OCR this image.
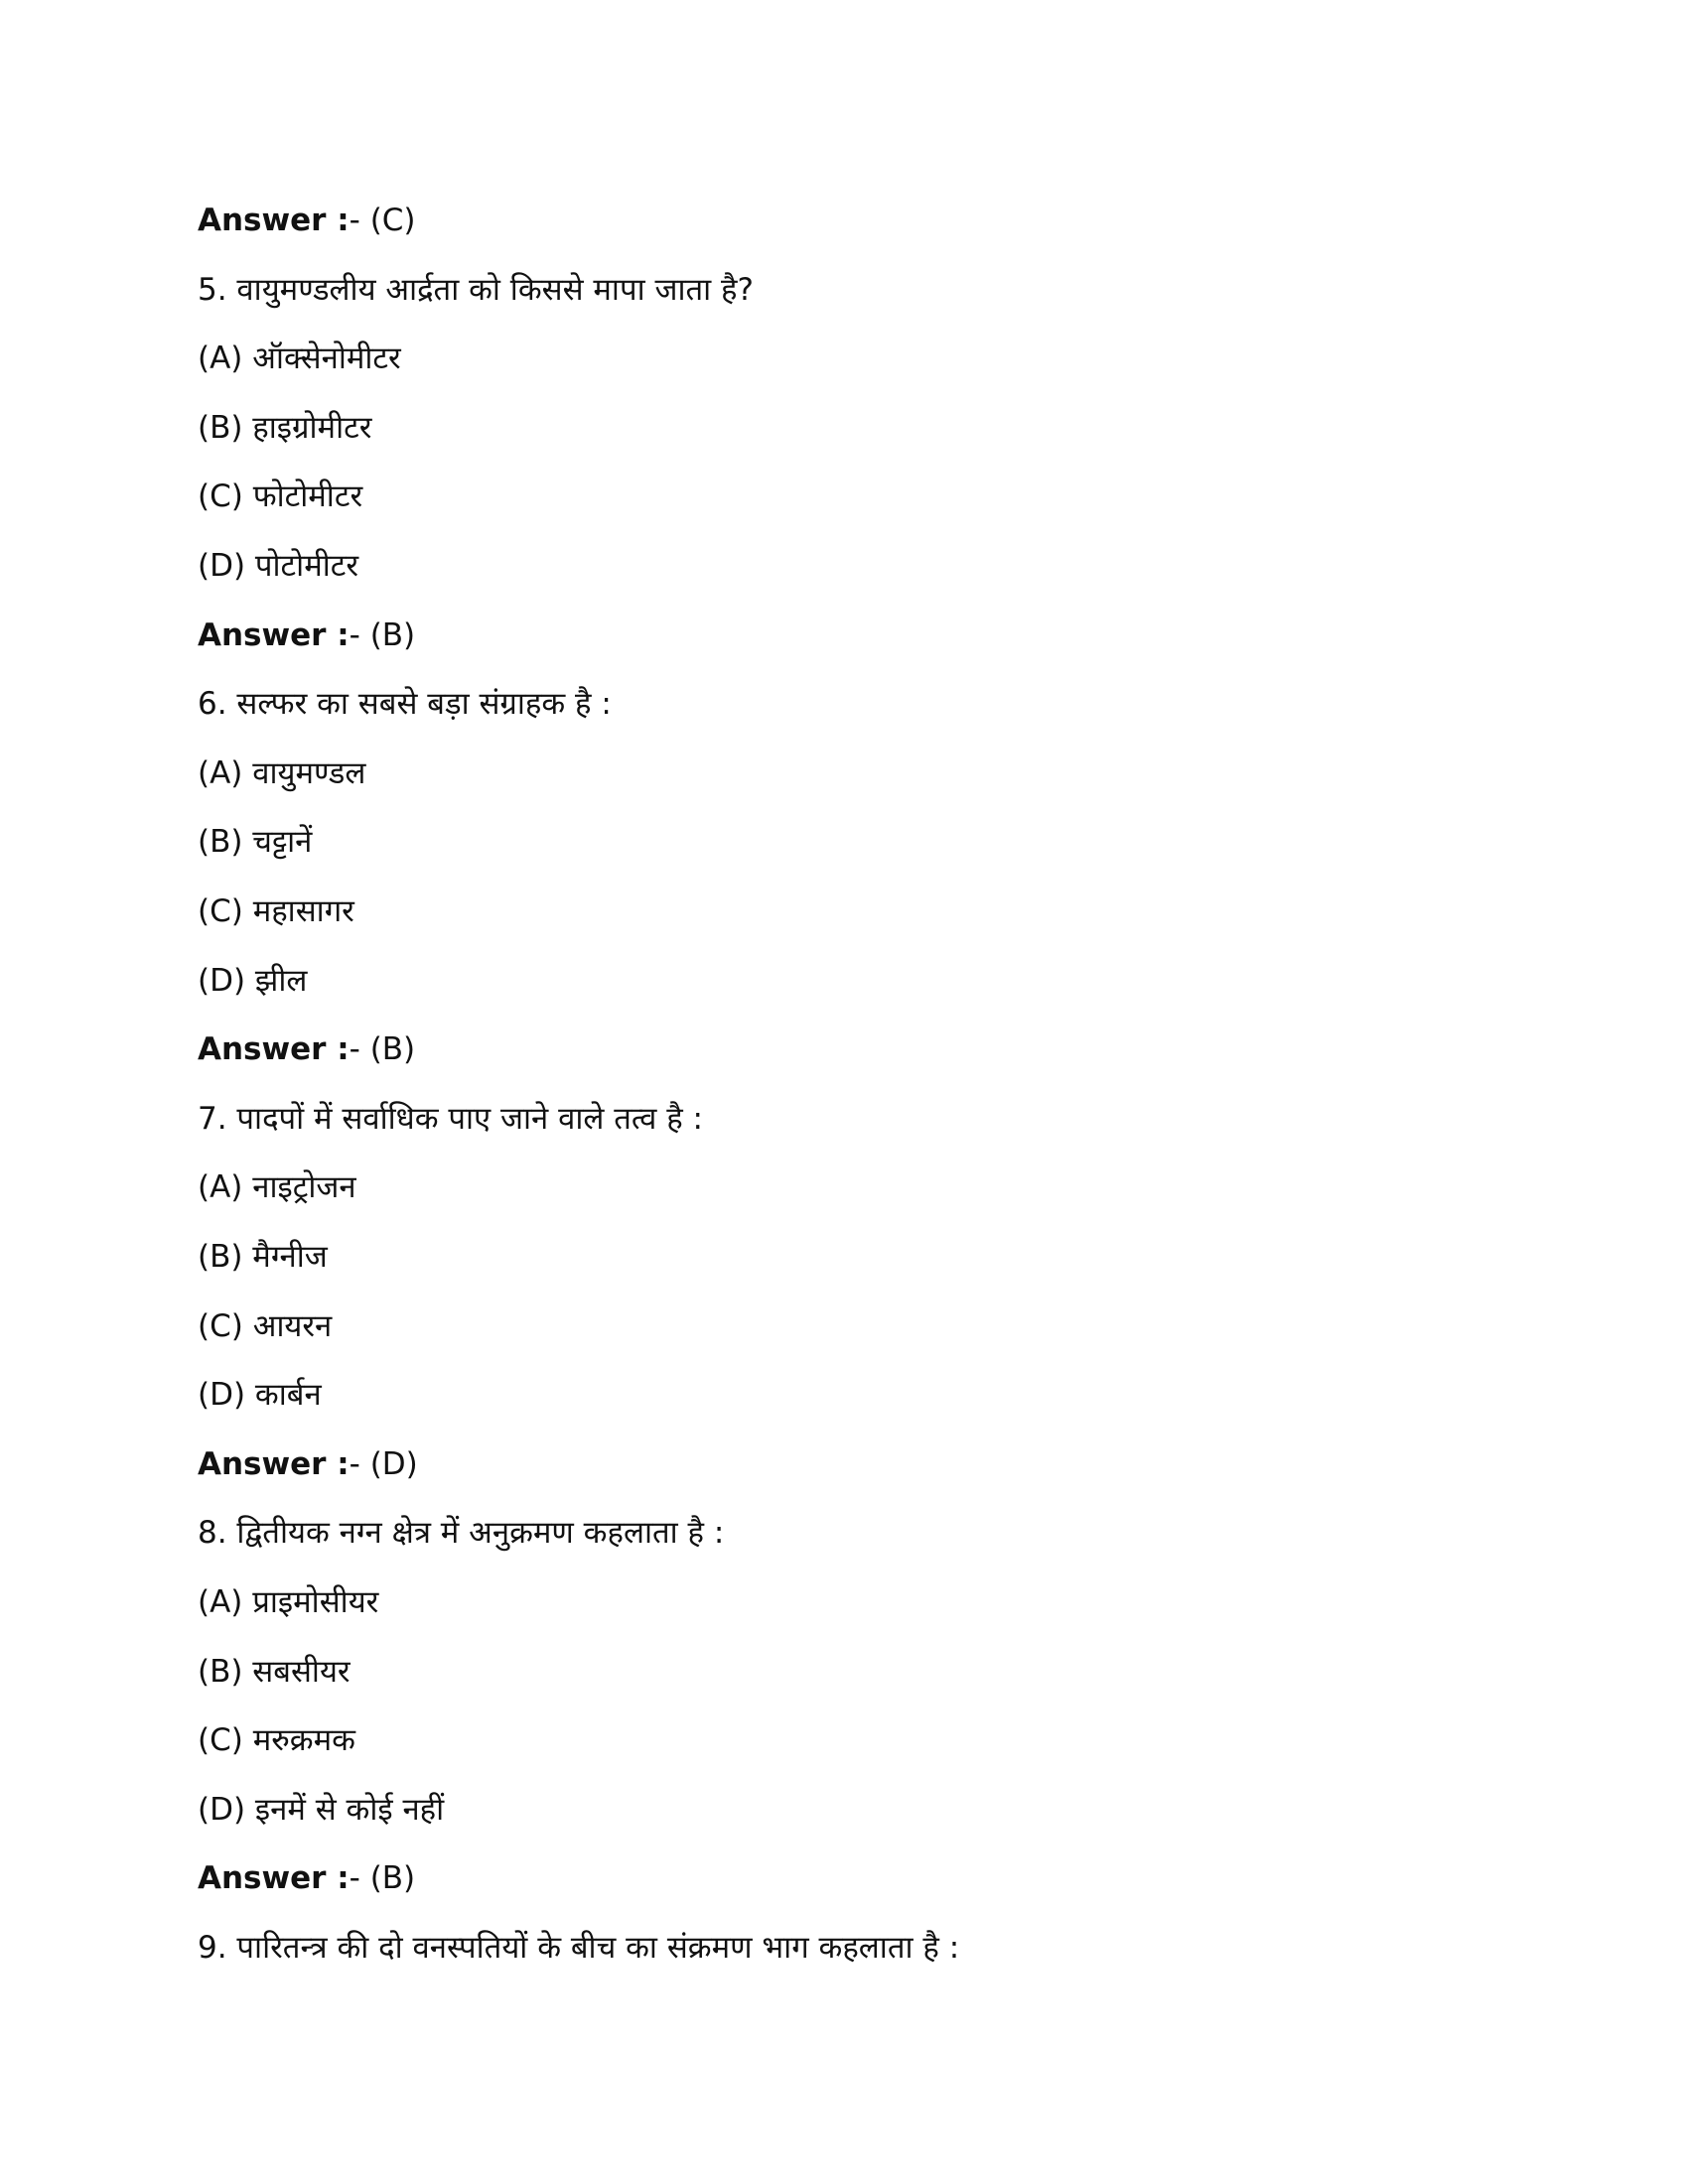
Answer :- (C)
5. वायुमण्डलीय आर्द्रता को किससे मापा जाता है?
(A) ऑक्सेनोमीटर
(B) हाइग्रोमीटर
(C) फोटोमीटर
(D) पोटोमीटर
Answer :- (B)
6. सल्फर का सबसे बड़ा संग्राहक है :
(A) वायुमण्डल
(B) चट्टानें
(C) महासागर
(D) झील
Answer :- (B)
7. पादपों में सर्वाधिक पाए जाने वाले तत्व है :
(A) नाइट्रोजन
(B) मैग्नीज
(C) आयरन
(D) कार्बन
Answer :- (D)
8. द्वितीयक नग्न क्षेत्र में अनुक्रमण कहलाता है :
(A) प्राइमोसीयर
(B) सबसीयर
(C) मरुक्रमक
(D) इनमें से कोई नहीं
Answer :- (B)
9. पारितन्त्र की दो वनस्पतियों के बीच का संक्रमण भाग कहलाता है :
